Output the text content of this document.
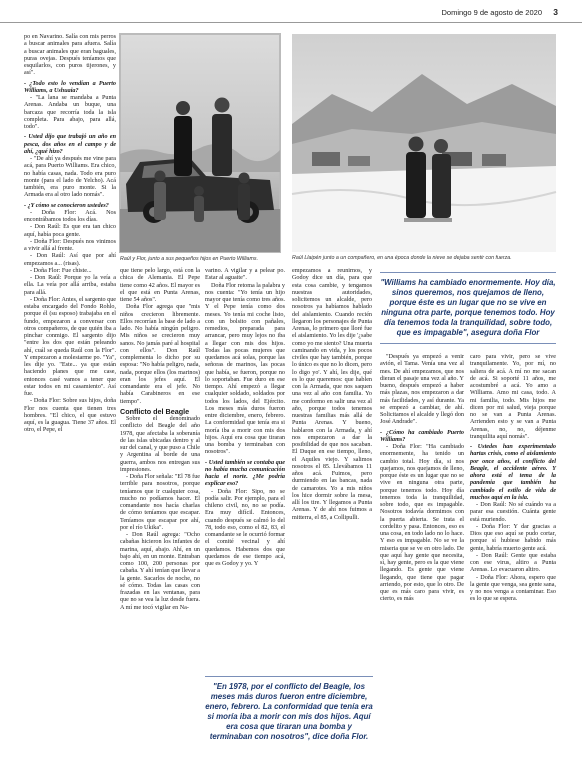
Domingo 9 de agosto de 2020 3

po en Navarino. Salía con mis perros a buscar animales para afuera. Salía a buscar animales que eran baguales, puras ovejas. Después teníamos que esquilarlos, con puros tijerones, y así".

- ¿Todo esto lo vendían a Puerto Williams, a Ushuaia?

- "La lana se mandaba a Punta Arenas. Andaba un buque, una barcaza que recorría toda la isla completa. Para abajo, para allá, todo".

- Usted dijo que trabajó un año en pesca, dos años en el campo y de ahí, ¿qué hizo?

- "De ahí ya después me vine para acá, para Puerto Williams. Era chico, no había casas, nada. Todo era puro monte (para el lado de Yelcho). Acá también, era puro monte. Si la Armada era al otro lado nomás".

- ¿Y cómo se conocieron ustedes?

- Doña Flor: Acá. Nos encontrábamos todos los días.

- Don Raúl: Es que era tan chico aquí, había poca gente.

- Doña Flor: Después nos vinimos a vivir allá al frente.

- Don Raúl: Así que por ahí empezamos a... (risas).

- Doña Flor: Fue chiste...

- Don Raúl: Porque yo la veía a ella. La veía por allá arriba, estaba para allá.

- Doña Flor: Antes, el sargento que estaba encargado del Fondo Rohlo, porque él (su esposo) trabajaba en el fundo, empezaron a conversar con otros compañeros, de que quién iba a pinchar conmigo. El sargento dijo "entre los dos que están peleando ahí, cuál se queda Raúl con la Flor". Y empezaron a molestarme po. "Ya", les dije yo. "Este... ya que están haciendo planes que me case, entonces casé vamos a tener que estar todos en mi casamiento". Así fue.

- Doña Flor: Sobre sus hijos, doña Flor nos cuenta que tienen tres hombres. "El chico, el que estuvo aquí, es la guagua. Tiene 37 años. El otro, el Pepe, el

Raúl y Flor, junto a sus pequeños hijos en Puerto Williams.

que tiene pelo largo, está con la chica de Alemania. El Pepe tiene como 42 años. El mayor es el que está en Punta Arenas, tiene 54 años".

Doña Flor agrega que "mis niños crecieron libremente. Ellos recorrían la base de lado a lado. No había ningún peligro. Mis niños se crecieron muy sanos. No jamás paré al hospital con ellos". Don Raúl complementa lo dicho por su esposa: "No había peligro, nada, nada, porque ellos (los marinos) eran los jefes aquí. El comandante era el jefe. No había Carabineros en ese tiempo".

Conflicto del Beagle

Sobre el denominado conflicto del Beagle del año 1978, que afectaba la soberanía de las islas ubicadas dentro y al sur del canal, y que puso a Chile y Argentina al borde de una guerra, ambos nos entregan sus impresiones.

- Doña Flor señala: "El 78 fue terrible para nosotros, porque teníamos que ir cualquier cosa, mucho no podíamos hacer. El comandante nos hacía charlas de cómo teníamos que escapar. Teníamos que escapar por ahí, por el río Ukika".

- Don Raúl agrega: "Ocho cabañas hicieron los infantes de marina, aquí, abajo. Ahí, en un bajo ahí, en un monte. Entraban como 100, 200 personas por cabaña. Y ahí tenían que llevar a la gente. Sacarlos de noche, no sé cómo. Todas las casas con frazadas en las ventanas, para que no se vea la luz desde fuera. A mí me tocó vigilar en Na-

varino. A vigilar y a pelear po. Estar al aguaite".

Doña Flor retoma la palabra y nos cuenta: "Yo tenía un hijo mayor que tenía como tres años. Y el Pepe tenía como dos meses. Yo tenía mi coche listo, con un bolsito con pañales, remedios, preparada para arrancar, pero muy lejos no iba a llegar con mis dos hijos. Todas las pocas mujeres que quedamos acá solas, porque las señoras de marinos, las pocas que había, se fueron, porque no lo soportaban. Fue duro en ese tiempo. Ahí empezó a llegar cualquier soldado, soldados por todos los lados, del Ejército. Los meses más duros fueron entre diciembre, enero, febrero. La conformidad que tenía era si moría iba a morir con mis dos hijos. Aquí era cosa que tiraran una bomba y terminaban con nosotros".

- Usted también se contaba que no había mucha comunicación hacia el norte. ¿Me podría explicar eso?

- Doña Flor: Sipo, no se podía salir. Por ejemplo, para el chileno civil, no, no se podía. Era muy difícil. Entonces, cuando después se calmó lo del 78, todo eso, como el 82, 83, el comandante se le ocurrió formar el comité vecinal y ahí quedamos. Habemos dos que quedamos de ese tiempo acá, que es Godoy y yo. Y

Raúl Llaipén junto a un compañero, en una época donde la nieve se dejaba sentir con fuerza.

empezamos a reunirnos, y Godoy dice un día, para que esta cosa cambie, y tengamos nuestras autoridades, solicitemos un alcalde, pero nosotros ya habíamos hablado del aislamiento. Cuando recién llegaron los personajes de Punta Arenas, lo primero que lloré fue el aislamiento. Yo les dije '¿sabe como yo me siento? Una muerta caminando en vida, y los pocos civiles que hay también, porque lo único es que no lo dicen, pero lo digo yo'. Y ahí, les dije, qué es lo que queremos: que hablen con la Armada, que nos saquen una vez al año con familia. Yo me conformo en salir una vez al año, porque todos tenemos nuestras familias más allá de Punta Arenas. Y bueno, hablaron con la Armada, y ahí nos empezaron a dar la posibilidad de que nos sacaban. El Duque en ese tiempo, lleno, el Aquiles viejo. Y salimos nosotros el 85. Llevábamos 11 años acá. Fuimos, pero durmiendo en las bancas, nada de camarotes. Yo a mis niños los hice dormir sobre la mesa, allí los tire. Y llegamos a Punta Arenas. Y de ahí nos fuimos a mitterra, el 85, a Collipulli.

"Williams ha cambiado enormemente. Hoy día, sinos queremos, nos quejamos de lleno, porque éste es un lugar que no se vive en ninguna otra parte, porque tenemos todo. Hoy día tenemos toda la tranquilidad, sobre todo, que es impagable", asegura doña Flor

"Después ya empezó a venir avión, el Tama. Venía una vez al mes. De ahí empezamos, que nos dieran el pasaje una vez al año. Y bueno, después empezó a haber más plazas, nos empezaron a dar más facilidades, y así durante. Ya se empezó a cambiar, de ahí. Solicitamos el alcalde y llegó don José Andrade".

- ¿Cómo ha cambiado Puerto Williams?

- Doña Flor: "Ha cambiado enormemente, ha tenido un cambio total. Hoy día, si nos quejamos, nos quejamos de lleno, porque éste es un lugar que no se vive en ninguna otra parte, porque tenemos todo. Hoy día tenemos toda la tranquilidad, sobre todo, que es impagable. Nosotros todavía dormimos con la puerta abierta. Se trata el cordelito y pasa. Entonces, eso es una cosa, en todo lado no lo hace. Y eso es impagable. No se ve la miseria que se ve en otro lado. De que aquí hay gente que necesita, sí, hay gente, pero es la que viene llegando. Es gente que viene llegando, que tiene que pagar arriendo, por esto, que lo otro. De que es más caro para vivir, es cierto, es más

caro para vivir, pero se vive tranquilamente. Yo, por mí, no saliera de acá. A mí no me sacan de acá. Si soporté 11 años, me acostumbré a acá. Yo amo a Williams. Amo mi casa, todo. A mi familia, todo. Mis hijos me dicen por mi salud, vieja porque no se van a Punta Arenas. Arrienden esto y se van a Punta Arenas, no, no, déjenme tranquilita aquí nomás".

- Ustedes han experimentado hartas crisis, como el aislamiento por once años, el conflicto del Beagle, el accidente aéreo. Y ahora está el tema de la pandemia que también ha cambiado el estilo de vida de muchos aquí en la isla.

- Don Raúl: No sé cuándo va a parar esa cuestión. Cuánta gente está muriendo.

- Doña Flor: Y dar gracias a Dios que eso aquí se pudo cortar, porque sí hubiese habido más gente, habría muerto gente acá.

- Don Raúl: Gente que estaba con ese virus, altiro a Punta Arenas. Lo evacuaron altiro.

- Doña Flor: Ahora, espero que la gente que venga, sea gente sana, y no nos venga a contaminar. Eso es lo que se espera.

"En 1978, por el conflicto del Beagle, los meses más duros fueron entre diciembre, enero, febrero. La conformidad que tenía era si moría iba a morir con mis dos hijos. Aquí era cosa que tiraran una bomba y terminaban con nosotros", dice doña Flor.
